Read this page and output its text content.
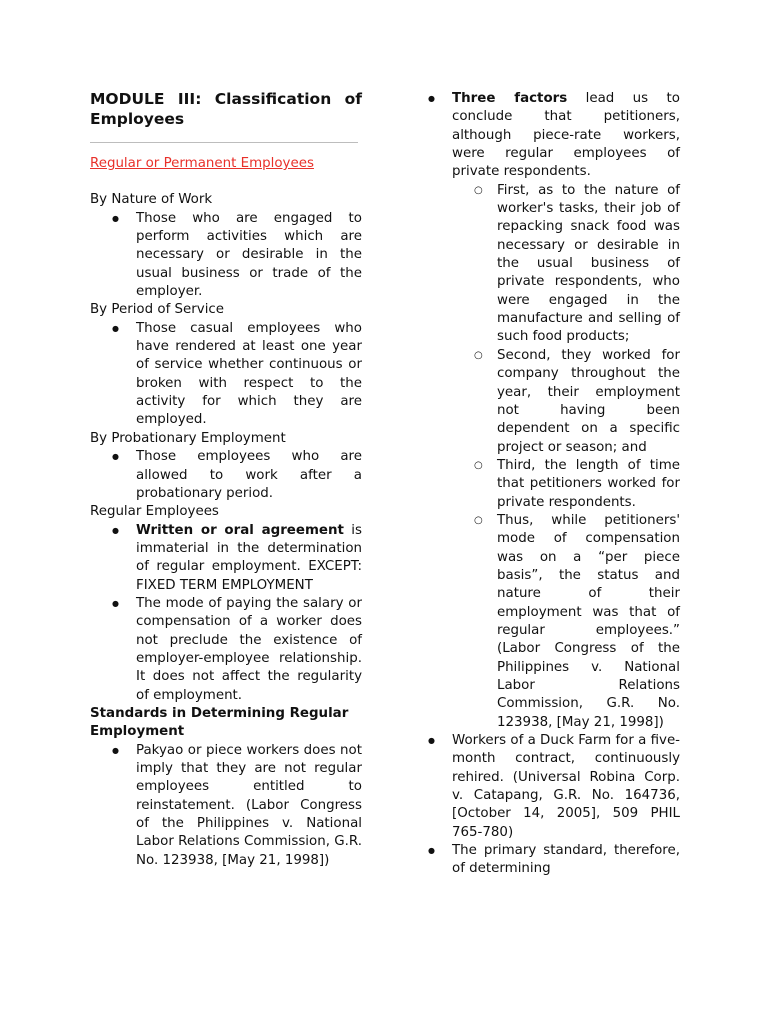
MODULE III: Classification of Employees

Regular or Permanent Employees

By Nature of Work

● Those who are engaged to perform activities which are necessary or desirable in the usual business or trade of the employer.

By Period of Service

● Those casual employees who have rendered at least one year of service whether continuous or broken with respect to the activity for which they are employed.

By Probationary Employment

● Those employees who are allowed to work after a probationary period.

Regular Employees

● Written or oral agreement is immaterial in the determination of regular employment. EXCEPT: FIXED TERM EMPLOYMENT
● The mode of paying the salary or compensation of a worker does not preclude the existence of employer-employee relationship. It does not affect the regularity of employment.

Standards in Determining Regular Employment

● Pakyao or piece workers does not imply that they are not regular employees entitled to reinstatement. (Labor Congress of the Philippines v. National Labor Relations Commission, G.R. No. 123938, [May 21, 1998])
● Three factors lead us to conclude that petitioners, although piece-rate workers, were regular employees of private respondents.
○ First, as to the nature of worker's tasks, their job of repacking snack food was necessary or desirable in the usual business of private respondents, who were engaged in the manufacture and selling of such food products;
○ Second, they worked for company throughout the year, their employment not having been dependent on a specific project or season; and
○ Third, the length of time that petitioners worked for private respondents.
○ Thus, while petitioners' mode of compensation was on a “per piece basis”, the status and nature of their employment was that of regular employees.” (Labor Congress of the Philippines v. National Labor Relations Commission, G.R. No. 123938, [May 21, 1998])
● Workers of a Duck Farm for a five-month contract, continuously rehired. (Universal Robina Corp. v. Catapang, G.R. No. 164736, [October 14, 2005], 509 PHIL 765-780)
● The primary standard, therefore, of determining
